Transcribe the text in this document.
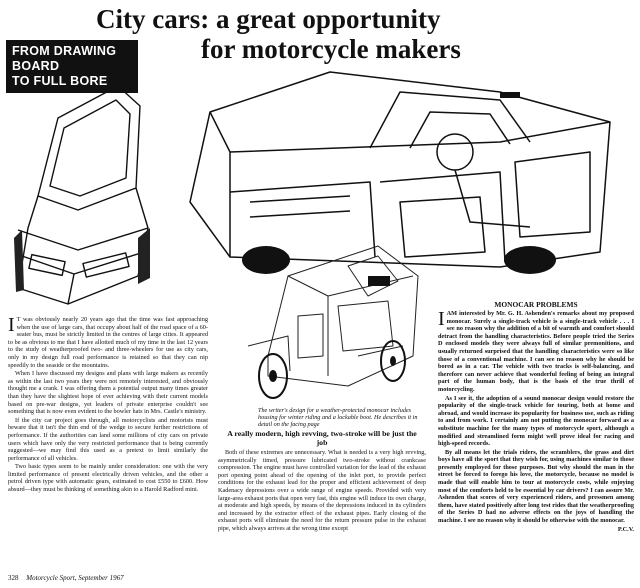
City cars: a great opportunity
for motorcycle makers
FROM DRAWING BOARD
TO FULL BORE

I T was obviously nearly 20 years ago that the time was fast approaching when the use of large cars, that occupy about half of the road space of a 60-seater bus, must be strictly limited in the centres of large cities. It appeared to be as obvious to me that I have allotted much of my time in the last 12 years to the study of weatherproofed two- and three-wheelers for use as city cars, only in my design full road performance is retained so that they can nip speedily to the seaside or the mountains.

When I have discussed my designs and plans with large makers as recently as within the last two years they were not remotely interested, and obviously thought me a crank. I was offering them a potential output many times greater than they have the slightest hope of ever achieving with their current models based on pre-war designs, yet leaders of private enterprise couldn't see something that is now even evident to the bowler hats in Mrs. Castle's ministry.

If the city car project goes through, all motorcyclists and motorists must beware that it isn't the thin end of the wedge to secure further restrictions of performance. If the authorities can land some millions of city cars on private users which have only the very restricted performance that is being currently suggested—we may find this used as a pretext to limit similarly the performance of all vehicles.

Two basic types seem to be mainly under consideration: one with the very limited performance of present electrically driven vehicles, and the other a petrol driven type with automatic gears, estimated to cost £550 to £600. How absurd—they must be thinking of something akin to a Harold Radford mini.

The writer's design for a weather-protected monocar includes housing for winter riding and a lockable boot. He describes it in detail on the facing page
A really modern, high revving, two-stroke will be just the job

Both of these extremes are unnecessary. What is needed is a very high revving, asymmetrically timed, pressure lubricated two-stroke without crankcase compression. The engine must have controlled variation for the lead of the exhaust port opening point ahead of the opening of the inlet port, to provide perfect conditions for the exhaust lead for the proper and efficient achievement of deep Kadenacy depressions over a wide range of engine speeds. Provided with very large-area exhaust ports that open very fast, this engine will induce its own charge, at moderate and high speeds, by means of the depressions induced in its cylinders and increased by the extractor effect of the exhaust pipes. Early closing of the exhaust ports will eliminate the need for the return pressure pulse in the exhaust pipe, which always arrives at the wrong time except

MONOCAR PROBLEMS

IAM interested by Mr. G. H. Ashenden's remarks about my proposed monocar. Surely a single-track vehicle is a single-track vehicle . . . I see no reason why the addition of a bit of warmth and comfort should detract from the handling characteristics. Before people tried the Series D enclosed models they were always full of similar premonitions, and usually returned surprised that the handling characteristics were so like those of a conventional machine. I can see no reason why he should be bored as in a car. The vehicle with two tracks is self-balancing, and therefore can never achieve that wonderful feeling of being an integral part of the human body, that is the basis of the true thrill of motorcycling.

As I see it, the adoption of a sound monocar design would restore the popularity of the single-track vehicle for touring, both at home and abroad, and would increase its popularity for business use, such as riding to and from work. I certainly am not putting the monocar forward as a substitute machine for the many types of motorcycle sport, although a modified and streamlined form might well prove ideal for racing and high-speed records.

By all means let the trials riders, the scramblers, the grass and dirt boys have all the sport that they wish for, using machines similar to those presently employed for those purposes. But why should the man in the street be forced to forego his love, the motorcycle, because no model is made that will enable him to tour at motorcycle costs, while enjoying most of the comforts held to be essential by car drivers? I can assure Mr. Ashenden that scores of very experienced riders, and pressmen among them, have stated positively after long test rides that the weatherproofing of the Series D had no adverse effects on the joys of handling the machine. I see no reason why it should be otherwise with the monocar.

P.C.V.

328 Motorcycle Sport, September 1967
